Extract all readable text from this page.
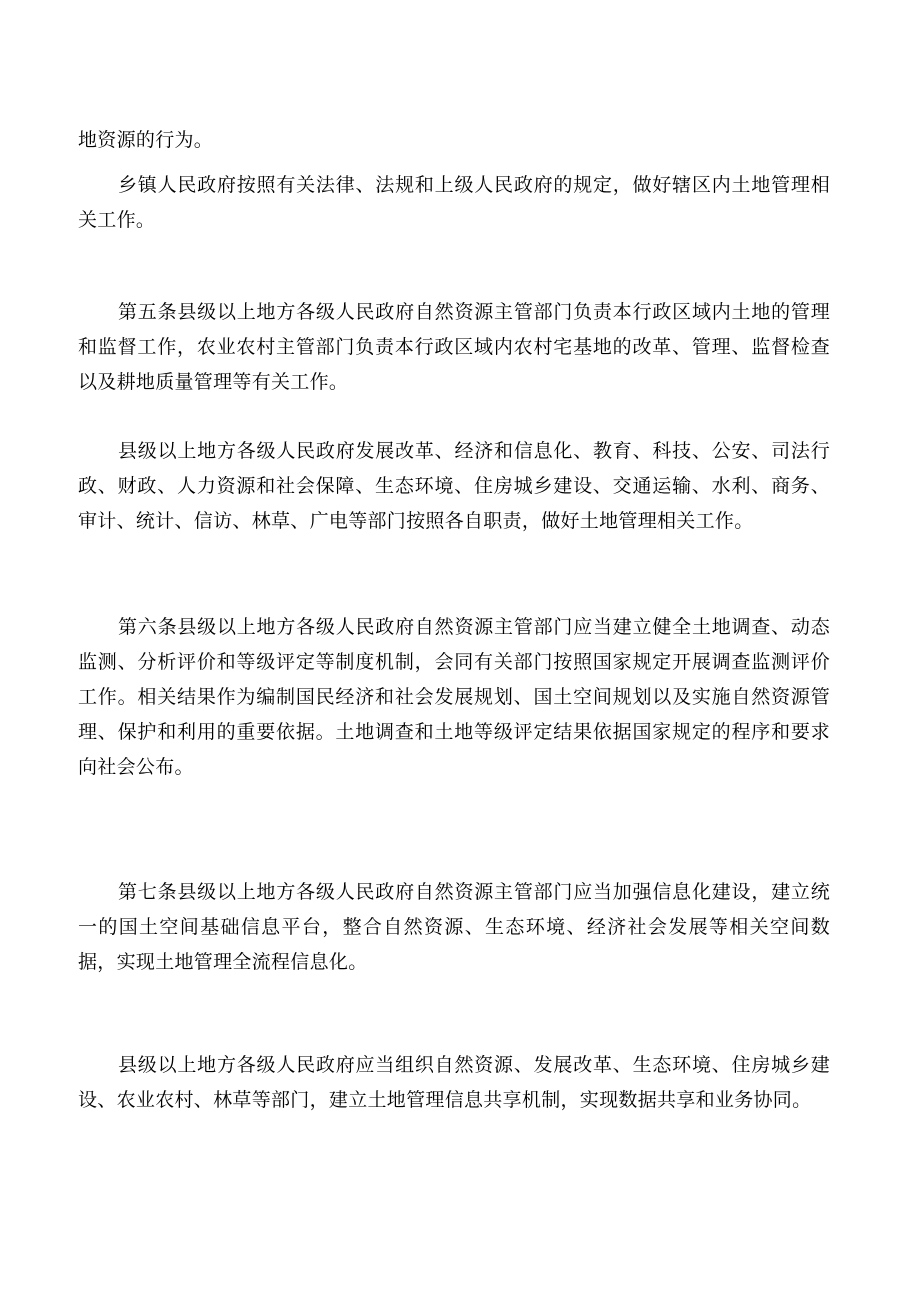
地资源的行为。

乡镇人民政府按照有关法律、法规和上级人民政府的规定，做好辖区内土地管理相关工作。

第五条县级以上地方各级人民政府自然资源主管部门负责本行政区域内土地的管理和监督工作，农业农村主管部门负责本行政区域内农村宅基地的改革、管理、监督检查以及耕地质量管理等有关工作。

县级以上地方各级人民政府发展改革、经济和信息化、教育、科技、公安、司法行政、财政、人力资源和社会保障、生态环境、住房城乡建设、交通运输、水利、商务、审计、统计、信访、林草、广电等部门按照各自职责，做好土地管理相关工作。

第六条县级以上地方各级人民政府自然资源主管部门应当建立健全土地调查、动态监测、分析评价和等级评定等制度机制，会同有关部门按照国家规定开展调查监测评价工作。相关结果作为编制国民经济和社会发展规划、国土空间规划以及实施自然资源管理、保护和利用的重要依据。土地调查和土地等级评定结果依据国家规定的程序和要求向社会公布。

第七条县级以上地方各级人民政府自然资源主管部门应当加强信息化建设，建立统一的国土空间基础信息平台，整合自然资源、生态环境、经济社会发展等相关空间数据，实现土地管理全流程信息化。

县级以上地方各级人民政府应当组织自然资源、发展改革、生态环境、住房城乡建设、农业农村、林草等部门，建立土地管理信息共享机制，实现数据共享和业务协同。
